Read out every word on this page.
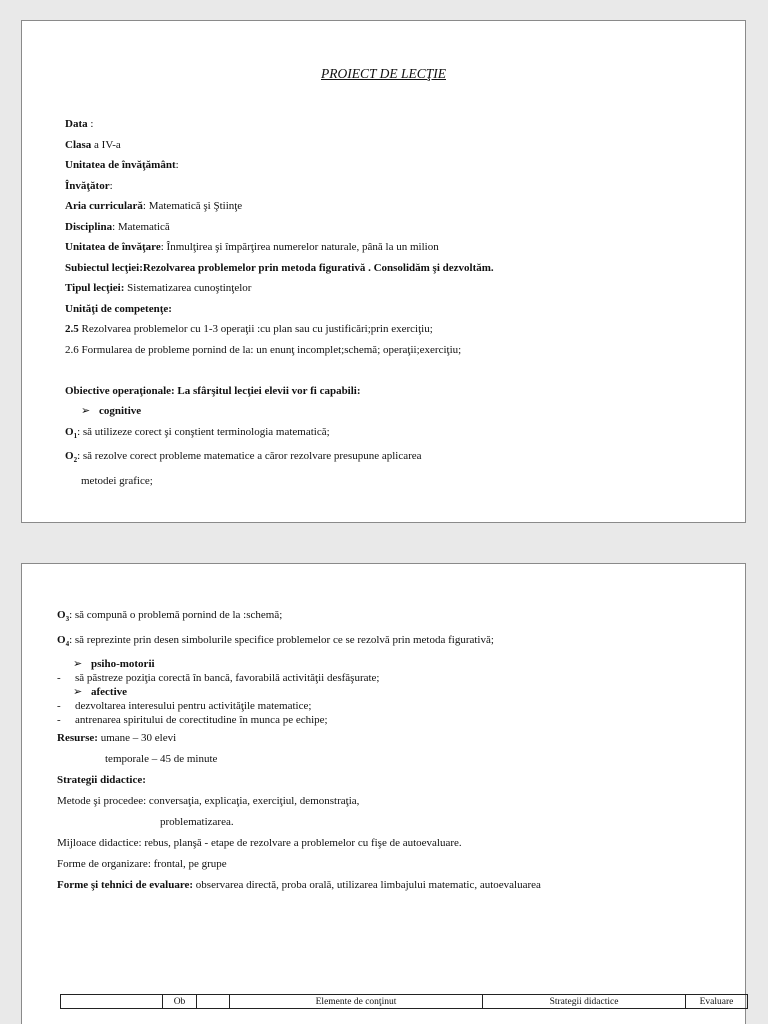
PROIECT DE LECŢIE
Data :
Clasa a IV-a
Unitatea de învăţământ:
Învăţător:
Aria curriculară: Matematică şi Ştiinţe
Disciplina: Matematică
Unitatea de învăţare: Înmulţirea şi împărţirea numerelor naturale, până la un milion
Subiectul lecţiei:Rezolvarea problemelor prin metoda figurativă . Consolidăm şi dezvoltăm.
Tipul lecţiei: Sistematizarea cunoştinţelor
Unităţi de competenţe:
2.5 Rezolvarea problemelor cu 1-3 operaţii :cu plan sau cu justificări;prin exerciţiu;
2.6 Formularea de probleme pornind de la: un enunţ incomplet;schemă; operaţii;exerciţiu;
Obiective operaţionale: La sfârşitul lecţiei elevii vor fi capabili:
➢ cognitive
$O_1$: să utilizeze corect şi conştient terminologia matematică;
$O_2$: să rezolve corect probleme matematice a căror rezolvare presupune aplicarea
metodei grafice;
$O_3$: să compună o problemă pornind de la :schemă;
$O_4$: să reprezinte prin desen simbolurile specifice problemelor ce se rezolvă prin metoda figurativă;
➢ psiho-motorii
- să păstreze poziţia corectă în bancă, favorabilă activităţii desfăşurate;
➢ afective
- dezvoltarea interesului pentru activităţile matematice;
- antrenarea spiritului de corectitudine în munca pe echipe;
Resurse: umane – 30 elevi
temporale – 45 de minute
Strategii didactice:
Metode şi procedee: conversaţia, explicaţia, exerciţiul, demonstraţia,
problematizarea.
Mijloace didactice: rebus, planşă - etape de rezolvare a problemelor cu fişe de autoevaluare.
Forme de organizare: frontal, pe grupe
Forme şi tehnici de evaluare: observarea directă, proba orală, utilizarea limbajului matematic, autoevaluarea
	Ob		Elemente de conţinut	Strategii didactice	Evaluare
